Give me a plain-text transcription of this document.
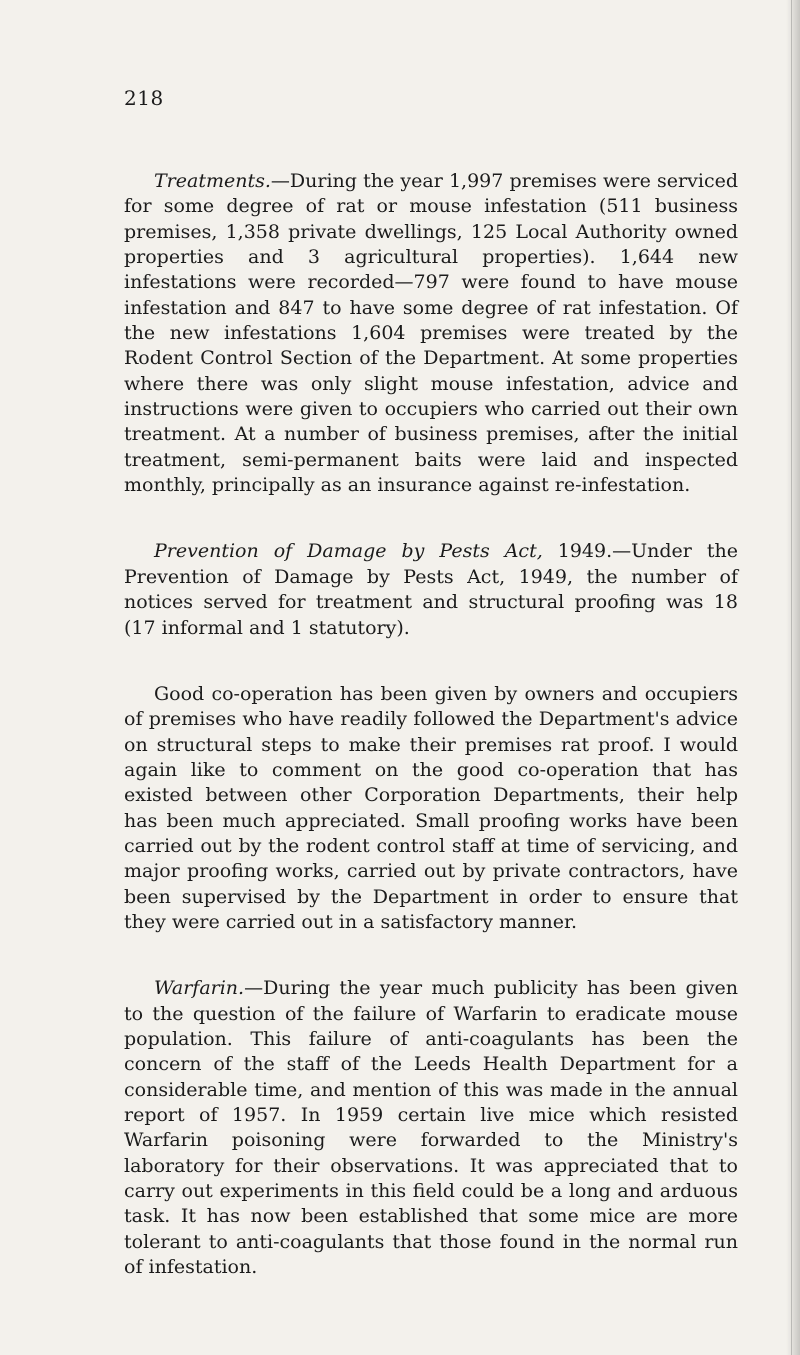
218

Treatments.—During the year 1,997 premises were serviced for some degree of rat or mouse infestation (511 business premises, 1,358 private dwellings, 125 Local Authority owned properties and 3 agricultural properties). 1,644 new infestations were recorded—797 were found to have mouse infestation and 847 to have some degree of rat infestation. Of the new infestations 1,604 premises were treated by the Rodent Control Section of the Department. At some properties where there was only slight mouse infestation, advice and instructions were given to occupiers who carried out their own treatment. At a number of business premises, after the initial treatment, semi-permanent baits were laid and inspected monthly, principally as an insurance against re-infestation.

Prevention of Damage by Pests Act, 1949.—Under the Prevention of Damage by Pests Act, 1949, the number of notices served for treatment and structural proofing was 18 (17 informal and 1 statutory).

Good co-operation has been given by owners and occupiers of premises who have readily followed the Department's advice on structural steps to make their premises rat proof. I would again like to comment on the good co-operation that has existed between other Corporation Departments, their help has been much appreciated. Small proofing works have been carried out by the rodent control staff at time of servicing, and major proofing works, carried out by private contractors, have been supervised by the Department in order to ensure that they were carried out in a satisfactory manner.

Warfarin.—During the year much publicity has been given to the question of the failure of Warfarin to eradicate mouse population. This failure of anti-coagulants has been the concern of the staff of the Leeds Health Department for a considerable time, and mention of this was made in the annual report of 1957. In 1959 certain live mice which resisted Warfarin poisoning were forwarded to the Ministry's laboratory for their observations. It was appreciated that to carry out experiments in this field could be a long and arduous task. It has now been established that some mice are more tolerant to anti-coagulants that those found in the normal run of infestation.
